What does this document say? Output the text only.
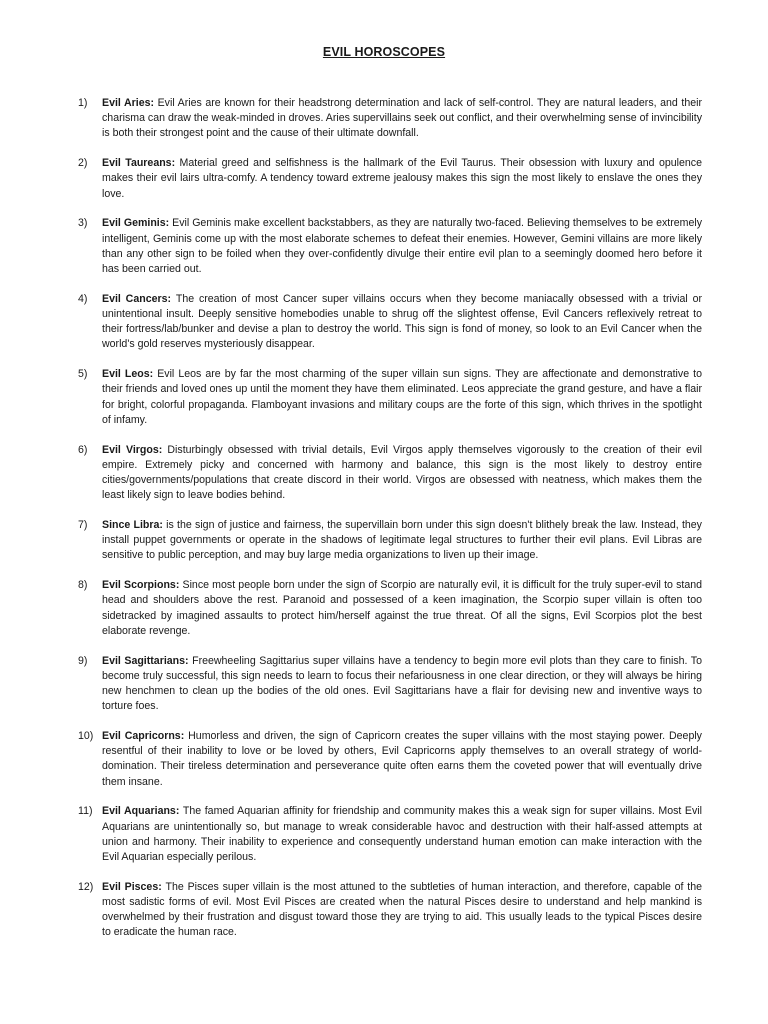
EVIL HOROSCOPES
1)	Evil Aries: Evil Aries are known for their headstrong determination and lack of self-control. They are natural leaders, and their charisma can draw the weak-minded in droves. Aries supervillains seek out conflict, and their overwhelming sense of invincibility is both their strongest point and the cause of their ultimate downfall.
2)	Evil Taureans: Material greed and selfishness is the hallmark of the Evil Taurus. Their obsession with luxury and opulence makes their evil lairs ultra-comfy. A tendency toward extreme jealousy makes this sign the most likely to enslave the ones they love.
3)	Evil Geminis: Evil Geminis make excellent backstabbers, as they are naturally two-faced. Believing themselves to be extremely intelligent, Geminis come up with the most elaborate schemes to defeat their enemies. However, Gemini villains are more likely than any other sign to be foiled when they over-confidently divulge their entire evil plan to a seemingly doomed hero before it has been carried out.
4)	Evil Cancers: The creation of most Cancer super villains occurs when they become maniacally obsessed with a trivial or unintentional insult. Deeply sensitive homebodies unable to shrug off the slightest offense, Evil Cancers reflexively retreat to their fortress/lab/bunker and devise a plan to destroy the world. This sign is fond of money, so look to an Evil Cancer when the world's gold reserves mysteriously disappear.
5)	Evil Leos: Evil Leos are by far the most charming of the super villain sun signs. They are affectionate and demonstrative to their friends and loved ones up until the moment they have them eliminated. Leos appreciate the grand gesture, and have a flair for bright, colorful propaganda. Flamboyant invasions and military coups are the forte of this sign, which thrives in the spotlight of infamy.
6)	Evil Virgos: Disturbingly obsessed with trivial details, Evil Virgos apply themselves vigorously to the creation of their evil empire. Extremely picky and concerned with harmony and balance, this sign is the most likely to destroy entire cities/governments/populations that create discord in their world. Virgos are obsessed with neatness, which makes them the least likely sign to leave bodies behind.
7)	Since Libra: is the sign of justice and fairness, the supervillain born under this sign doesn't blithely break the law. Instead, they install puppet governments or operate in the shadows of legitimate legal structures to further their evil plans. Evil Libras are sensitive to public perception, and may buy large media organizations to liven up their image.
8)	Evil Scorpions: Since most people born under the sign of Scorpio are naturally evil, it is difficult for the truly super-evil to stand head and shoulders above the rest. Paranoid and possessed of a keen imagination, the Scorpio super villain is often too sidetracked by imagined assaults to protect him/herself against the true threat. Of all the signs, Evil Scorpios plot the best elaborate revenge.
9)	Evil Sagittarians: Freewheeling Sagittarius super villains have a tendency to begin more evil plots than they care to finish. To become truly successful, this sign needs to learn to focus their nefariousness in one clear direction, or they will always be hiring new henchmen to clean up the bodies of the old ones. Evil Sagittarians have a flair for devising new and inventive ways to torture foes.
10) Evil Capricorns: Humorless and driven, the sign of Capricorn creates the super villains with the most staying power. Deeply resentful of their inability to love or be loved by others, Evil Capricorns apply themselves to an overall strategy of world-domination. Their tireless determination and perseverance quite often earns them the coveted power that will eventually drive them insane.
11) Evil Aquarians: The famed Aquarian affinity for friendship and community makes this a weak sign for super villains. Most Evil Aquarians are unintentionally so, but manage to wreak considerable havoc and destruction with their half-assed attempts at union and harmony. Their inability to experience and consequently understand human emotion can make interaction with the Evil Aquarian especially perilous.
12) Evil Pisces: The Pisces super villain is the most attuned to the subtleties of human interaction, and therefore, capable of the most sadistic forms of evil. Most Evil Pisces are created when the natural Pisces desire to understand and help mankind is overwhelmed by their frustration and disgust toward those they are trying to aid. This usually leads to the typical Pisces desire to eradicate the human race.
